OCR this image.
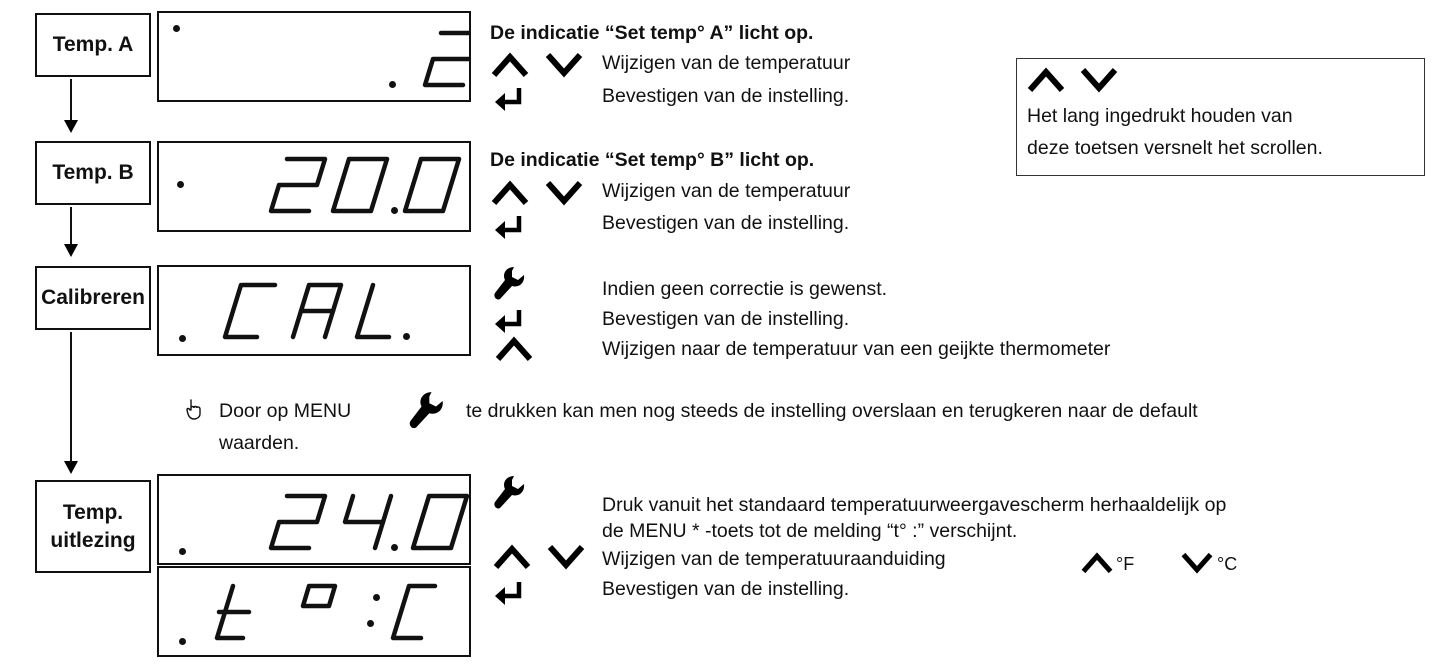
Temp. A
Temp. B
Calibreren
Temp.
uitlezing
De indicatie “Set temp° A” licht op.
Wijzigen van de temperatuur
Bevestigen van de instelling.
Het lang ingedrukt houden van
deze toetsen versnelt het scrollen.
De indicatie “Set temp° B” licht op.
Wijzigen van de temperatuur
Bevestigen van de instelling.
Indien geen correctie is gewenst.
Bevestigen van de instelling.
Wijzigen naar de temperatuur van een geijkte thermometer
Door op MENU	te drukken kan men nog steeds de instelling overslaan en terugkeren naar de default
waarden.
Druk vanuit het standaard temperatuurweergavescherm herhaaldelijk op
de MENU * -toets tot de melding “t° :” verschijnt.
Wijzigen van de temperatuuraanduiding	°F	°C
Bevestigen van de instelling.
